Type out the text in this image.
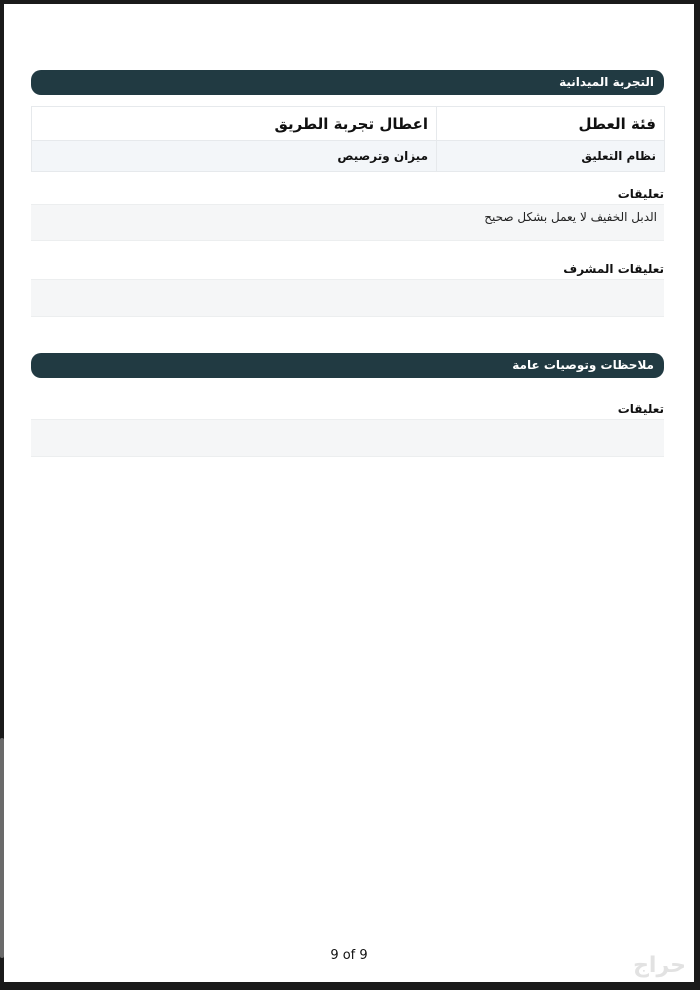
التجربة الميدانية
فئة العطل	اعطال تجربة الطريق
نظام التعليق	ميزان وترصيص
تعليقات
الدبل الخفيف لا يعمل بشكل صحيح
تعليقات المشرف
ملاحظات وتوصيات عامة
تعليقات
9 of 9	حراج
